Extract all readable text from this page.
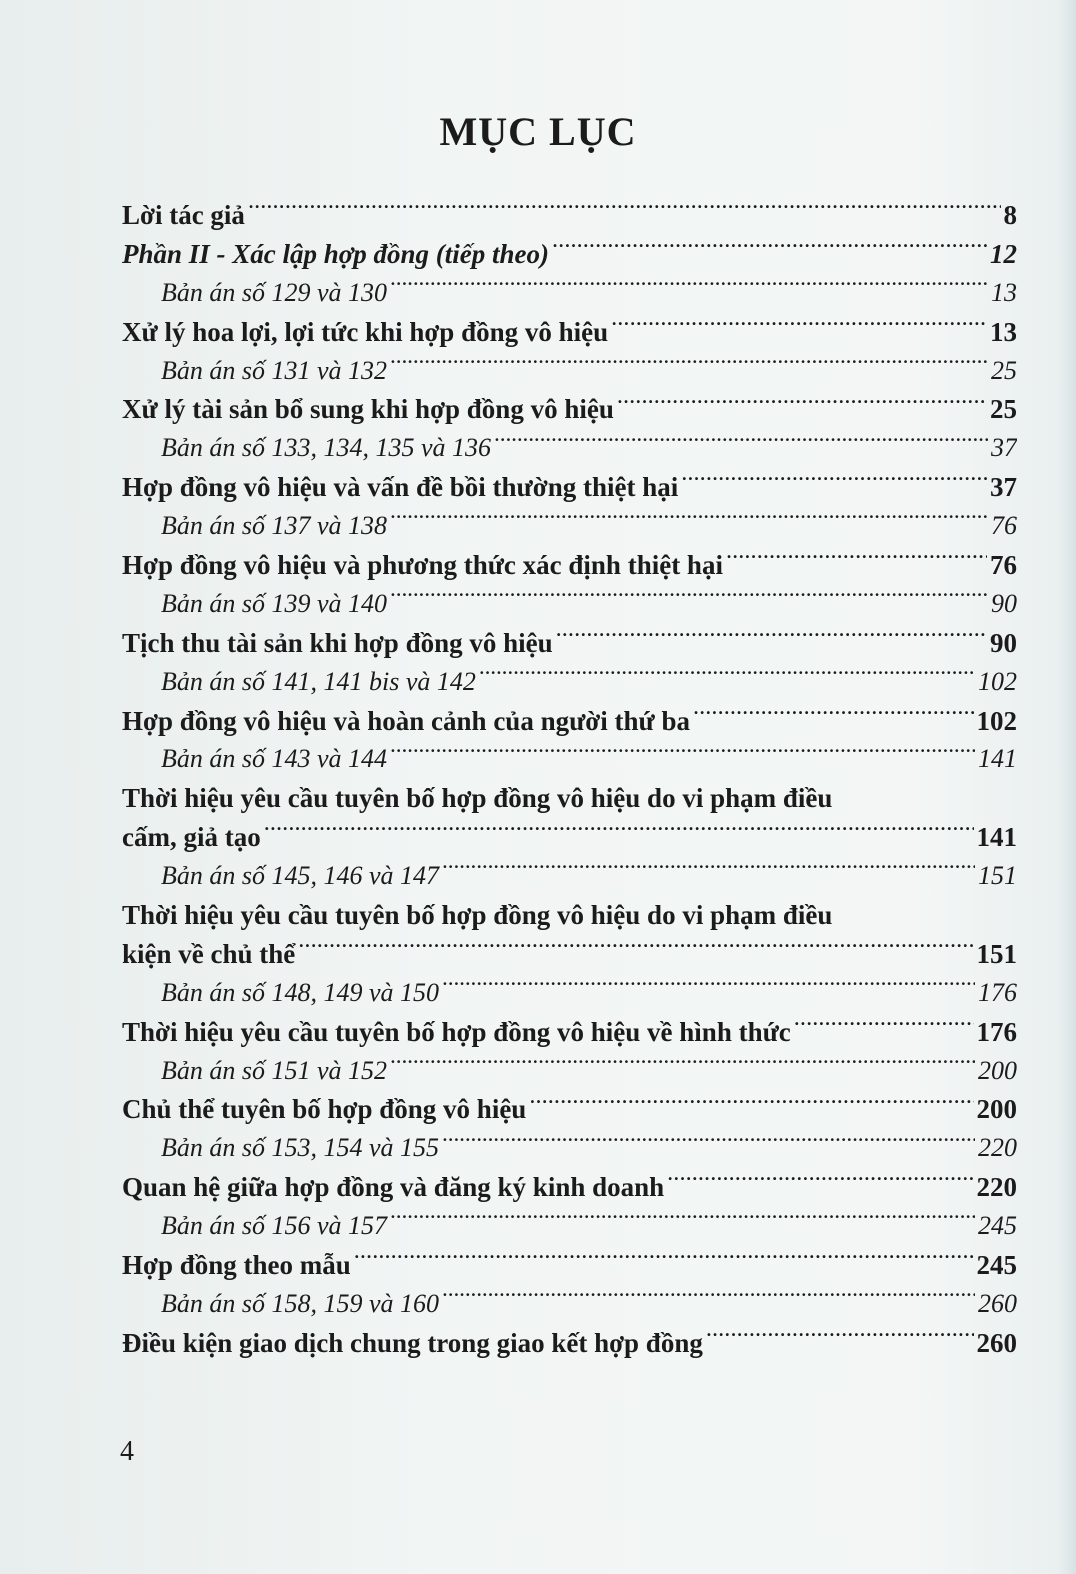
MỤC LỤC
Lời tác giả . . .	8
Phần II - Xác lập hợp đồng (tiếp theo) . . .	12
Bản án số 129 và 130 . . .	13
Xử lý hoa lợi, lợi tức khi hợp đồng vô hiệu . . .	13
Bản án số 131 và 132 . . .	25
Xử lý tài sản bổ sung khi hợp đồng vô hiệu . . .	25
Bản án số 133, 134, 135 và 136 . . .	37
Hợp đồng vô hiệu và vấn đề bồi thường thiệt hại . . .	37
Bản án số 137 và 138 . . .	76
Hợp đồng vô hiệu và phương thức xác định thiệt hại . . .	76
Bản án số 139 và 140 . . .	90
Tịch thu tài sản khi hợp đồng vô hiệu . . .	90
Bản án số 141, 141 bis và 142 . . .	102
Hợp đồng vô hiệu và hoàn cảnh của người thứ ba . . .	102
Bản án số 143 và 144 . . .	141
Thời hiệu yêu cầu tuyên bố hợp đồng vô hiệu do vi phạm điều
cấm, giả tạo . . .	141
Bản án số 145, 146 và 147 . . .	151
Thời hiệu yêu cầu tuyên bố hợp đồng vô hiệu do vi phạm điều
kiện về chủ thể . . .	151
Bản án số 148, 149 và 150 . . .	176
Thời hiệu yêu cầu tuyên bố hợp đồng vô hiệu về hình thức . . .	176
Bản án số 151 và 152 . . .	200
Chủ thể tuyên bố hợp đồng vô hiệu . . .	200
Bản án số 153, 154 và 155 . . .	220
Quan hệ giữa hợp đồng và đăng ký kinh doanh . . .	220
Bản án số 156 và 157 . . .	245
Hợp đồng theo mẫu . . .	245
Bản án số 158, 159 và 160 . . .	260
Điều kiện giao dịch chung trong giao kết hợp đồng . . .	260
4
